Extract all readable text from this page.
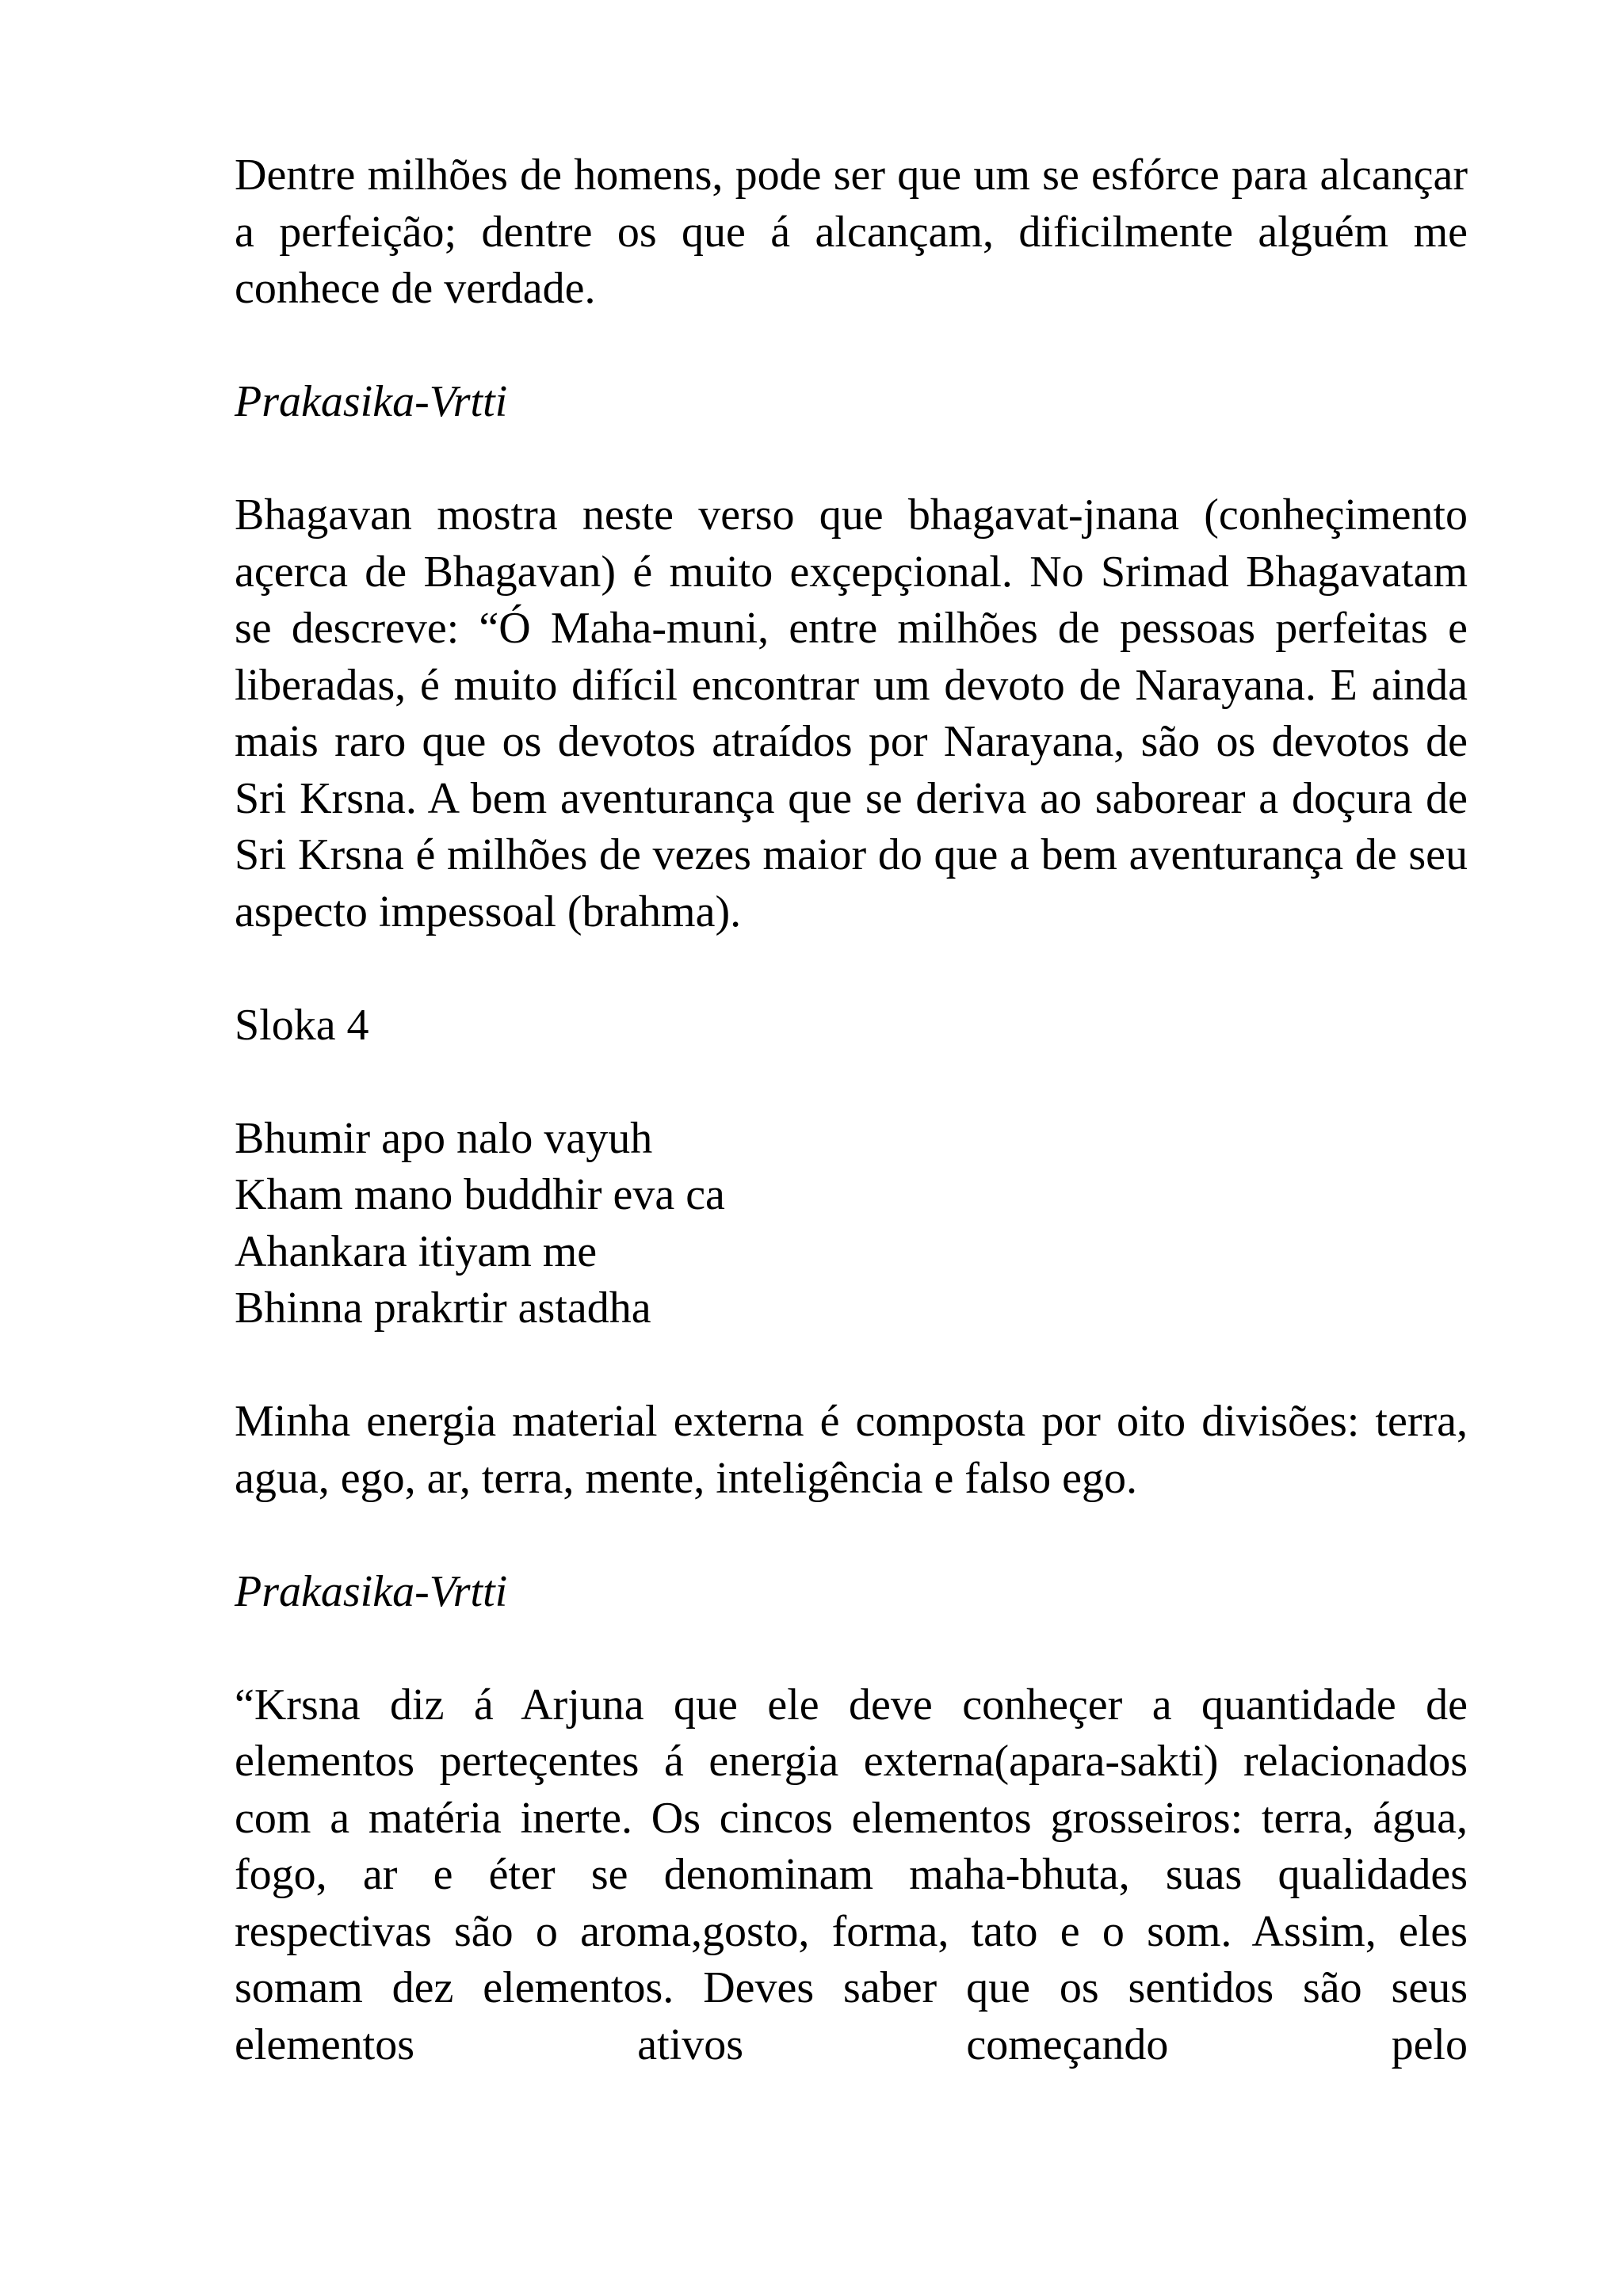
Dentre milhões de homens, pode ser que um se esfórce para alcançar a perfeição; dentre os que á alcançam, dificilmente alguém me conhece de verdade.

Prakasika-Vrtti

Bhagavan mostra neste verso que bhagavat-jnana (conheçimento açerca de Bhagavan) é muito exçepçional. No Srimad Bhagavatam se descreve: “Ó Maha-muni, entre milhões de pessoas perfeitas e liberadas, é muito difícil encontrar um devoto de Narayana. E ainda mais raro que os devotos atraídos por Narayana, são os devotos de Sri Krsna. A bem aventurança que se deriva ao saborear a doçura de Sri Krsna é milhões de vezes maior do que a bem aventurança de seu aspecto impessoal (brahma).

Sloka 4

Bhumir apo nalo vayuh
Kham mano buddhir eva ca
Ahankara itiyam me
Bhinna prakrtir astadha

Minha energia material externa é composta por oito divisões: terra, agua, ego, ar, terra, mente, inteligência e falso ego.

Prakasika-Vrtti

“Krsna diz á Arjuna que ele deve conheçer a quantidade de elementos perteçentes á energia externa(apara-sakti) relacionados com a matéria inerte. Os cincos elementos grosseiros: terra, água, fogo, ar e éter se denominam maha-bhuta, suas qualidades respectivas são o aroma,gosto, forma, tato e o som. Assim, eles somam dez elementos. Deves saber que os sentidos são seus elementos ativos começando pelo
